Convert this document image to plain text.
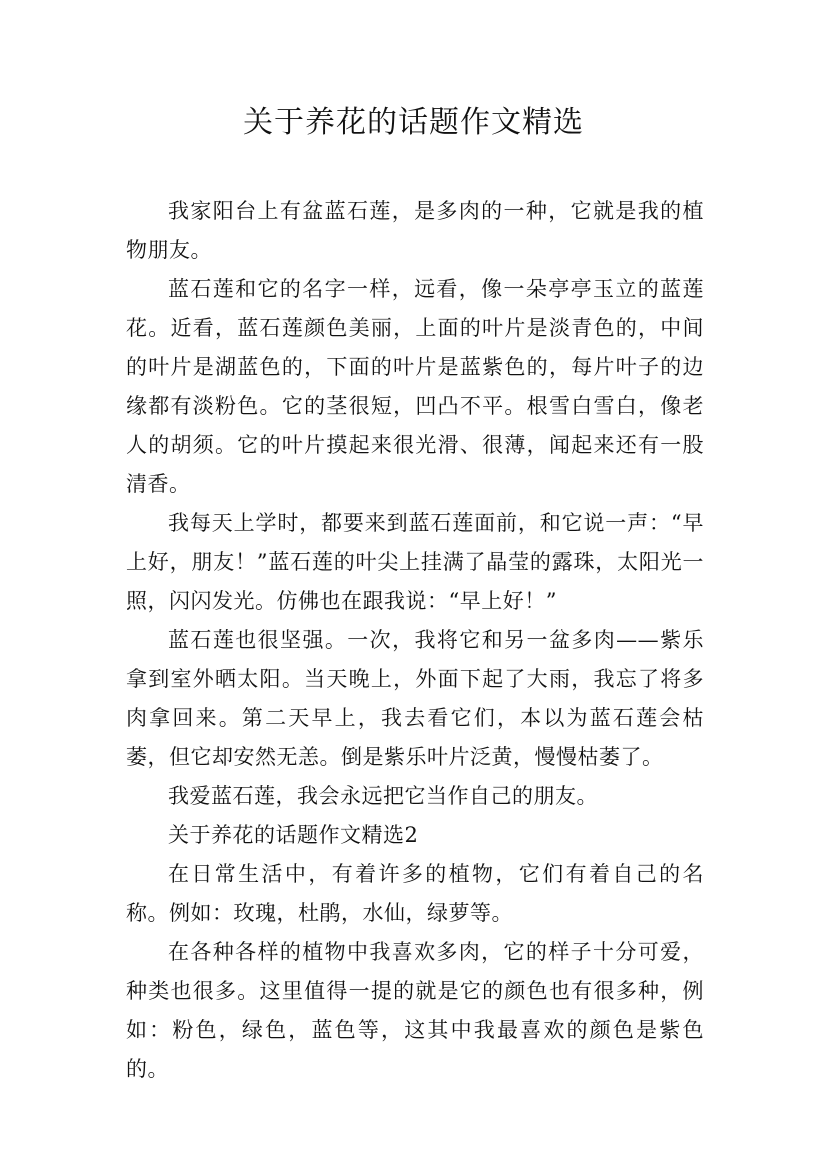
关于养花的话题作文精选

我家阳台上有盆蓝石莲，是多肉的一种，它就是我的植物朋友。

蓝石莲和它的名字一样，远看，像一朵亭亭玉立的蓝莲花。近看，蓝石莲颜色美丽，上面的叶片是淡青色的，中间的叶片是湖蓝色的，下面的叶片是蓝紫色的，每片叶子的边缘都有淡粉色。它的茎很短，凹凸不平。根雪白雪白，像老人的胡须。它的叶片摸起来很光滑、很薄，闻起来还有一股清香。

我每天上学时，都要来到蓝石莲面前，和它说一声：“早上好，朋友！”蓝石莲的叶尖上挂满了晶莹的露珠，太阳光一照，闪闪发光。仿佛也在跟我说：“早上好！”

蓝石莲也很坚强。一次，我将它和另一盆多肉——紫乐拿到室外晒太阳。当天晚上，外面下起了大雨，我忘了将多肉拿回来。第二天早上，我去看它们，本以为蓝石莲会枯萎，但它却安然无恙。倒是紫乐叶片泛黄，慢慢枯萎了。

我爱蓝石莲，我会永远把它当作自己的朋友。

关于养花的话题作文精选2

在日常生活中，有着许多的植物，它们有着自己的名称。例如：玫瑰，杜鹃，水仙，绿萝等。

在各种各样的植物中我喜欢多肉，它的样子十分可爱，种类也很多。这里值得一提的就是它的颜色也有很多种，例如：粉色，绿色，蓝色等，这其中我最喜欢的颜色是紫色的。
